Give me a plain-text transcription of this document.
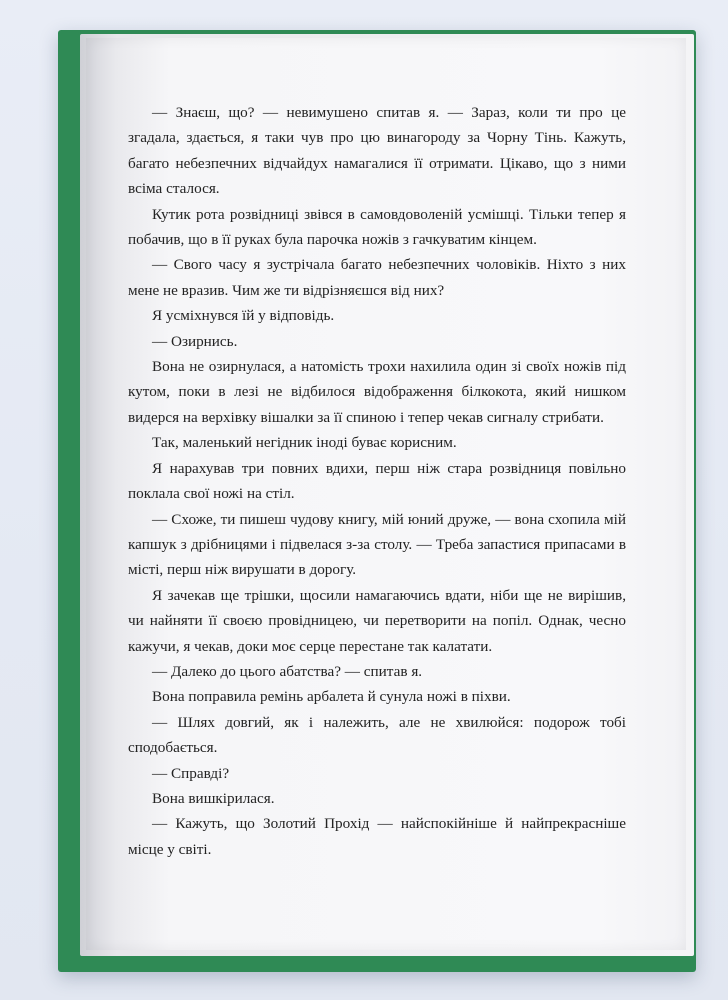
— Знаєш, що? — невимушено спитав я. — Зараз, коли ти про це згадала, здається, я таки чув про цю винагороду за Чорну Тінь. Кажуть, багато небезпечних відчайдух намагалися її отримати. Цікаво, що з ними всіма сталося.

Кутик рота розвідниці звівся в самовдоволеній усмішці. Тільки тепер я побачив, що в її руках була парочка ножів з гачкуватим кінцем.

— Свого часу я зустрічала багато небезпечних чоловіків. Ніхто з них мене не вразив. Чим же ти відрізняєшся від них?

Я усміхнувся їй у відповідь.

— Озирнись.

Вона не озирнулася, а натомість трохи нахилила один зі своїх ножів під кутом, поки в лезі не відбилося відображення білкокота, який нишком видерся на верхівку вішалки за її спиною і тепер чекав сигналу стрибати.

Так, маленький негідник іноді буває корисним.

Я нарахував три повних вдихи, перш ніж стара розвідниця повільно поклала свої ножі на стіл.

— Схоже, ти пишеш чудову книгу, мій юний друже, — вона схопила мій капшук з дрібницями і підвелася з-за столу. — Треба запастися припасами в місті, перш ніж вирушати в дорогу.

Я зачекав ще трішки, щосили намагаючись вдати, ніби ще не вирішив, чи найняти її своєю провідницею, чи перетворити на попіл. Однак, чесно кажучи, я чекав, доки моє серце перестане так калатати.

— Далеко до цього абатства? — спитав я.

Вона поправила ремінь арбалета й сунула ножі в піхви.

— Шлях довгий, як і належить, але не хвилюйся: подорож тобі сподобається.

— Справді?

Вона вишкірилася.

— Кажуть, що Золотий Прохід — найспокійніше й найпрекрасніше місце у світі.
